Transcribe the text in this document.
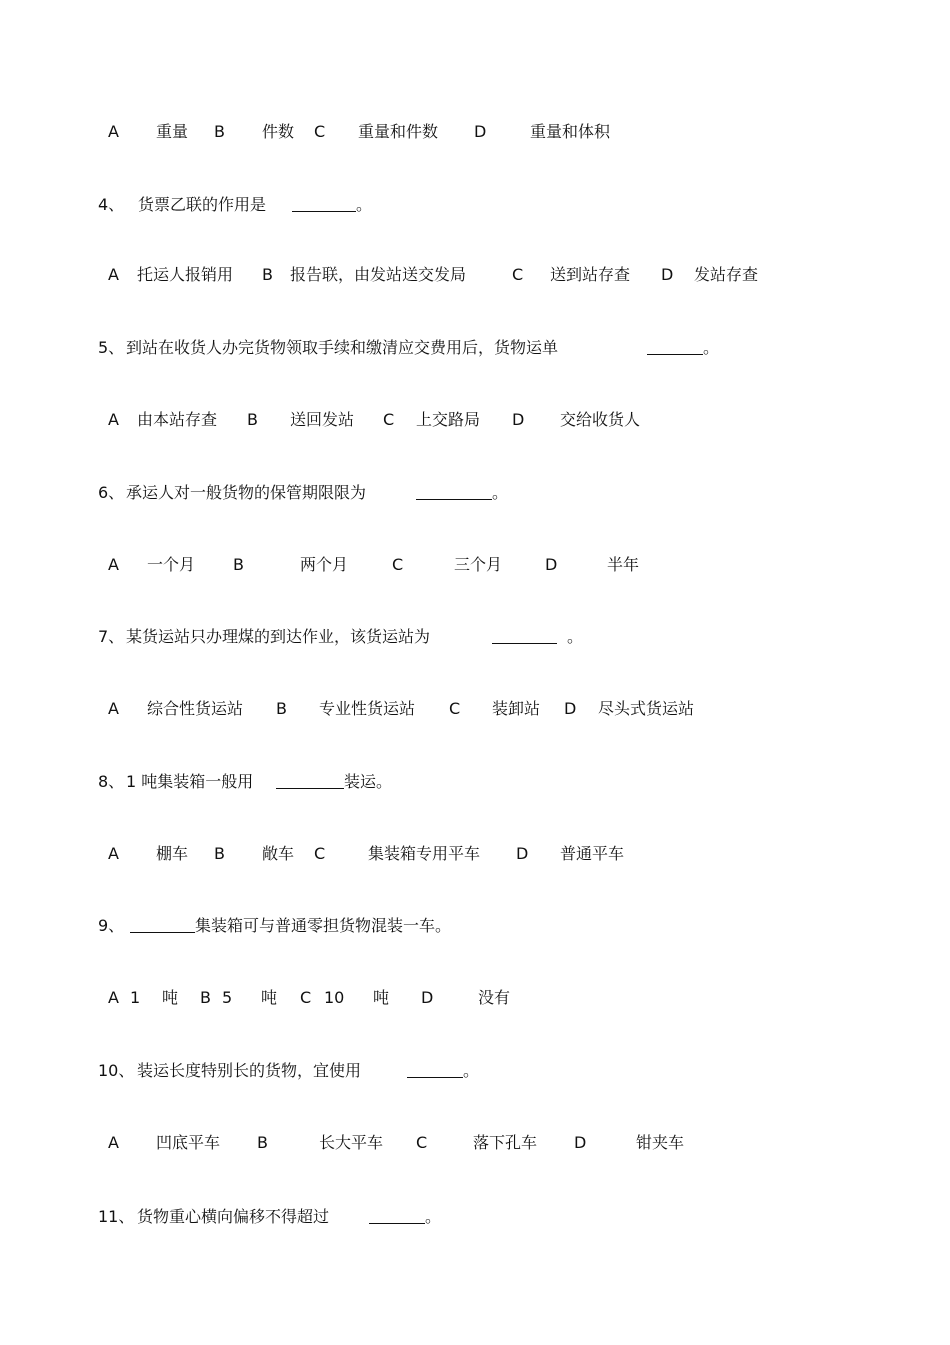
A 重量 B 件数 C 重量和件数 D	重量和体积
4、 货票乙联的作用是	。
A 托运人报销用 B 报告联，由发站送交发局	C 送到站存查 D 发站存查
5、 到站在收货人办完货物领取手续和缴清应交费用后，货物运单	。
A 由本站存查 B 送回发站 C 上交路局 D 交给收货人
6、 承运人对一般货物的保管期限限为	。
A 一个月 B	两个月	C	三个月	D	半年
7、 某货运站只办理煤的到达作业，该货运站为	。
A 综合性货运站 B 专业性货运站 C 装卸站 D 尽头式货运站
8、 1 吨集装箱一般用	装运。
A 棚车 B 敞车 C	集装箱专用平车 D 普通平车
9、	集装箱可与普通零担货物混装一车。
A 1 吨 B 5 吨 C 10 吨 D	没有
10、 装运长度特别长的货物，宜使用	。
A 凹底平车 B	长大平车 C	落下孔车 D	钳夹车
11、 货物重心横向偏移不得超过	。
